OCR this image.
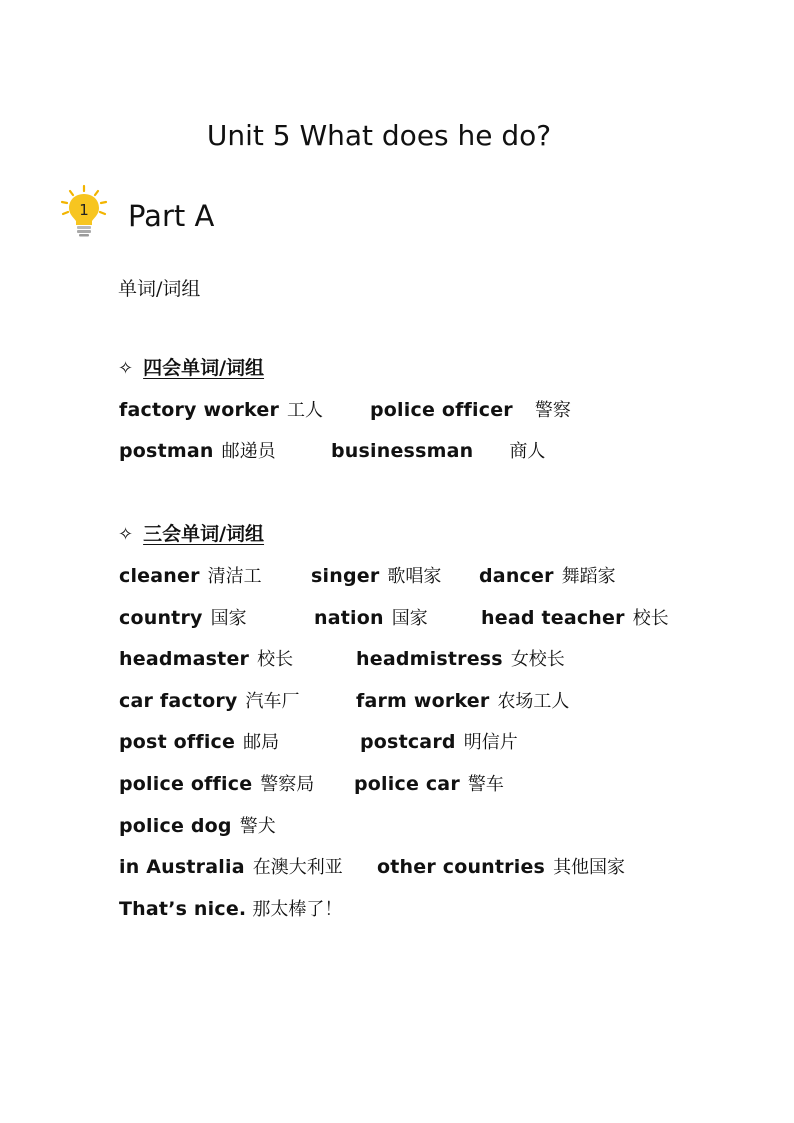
Unit 5 What does he do?
1 Part A
单词/词组
✧ 四会单词/词组
factory worker 工人 police officer 警察
postman 邮递员	businessman 商人
✧ 三会单词/词组
cleaner 清洁工	singer 歌唱家 dancer 舞蹈家
country 国家	nation 国家	head teacher 校长
headmaster 校长	headmistress 女校长
car factory 汽车厂	farm worker 农场工人
post office 邮局	postcard 明信片
police office 警察局 police car 警车
police dog 警犬
in Australia 在澳大利亚 other countries 其他国家
That’s nice. 那太棒了！
